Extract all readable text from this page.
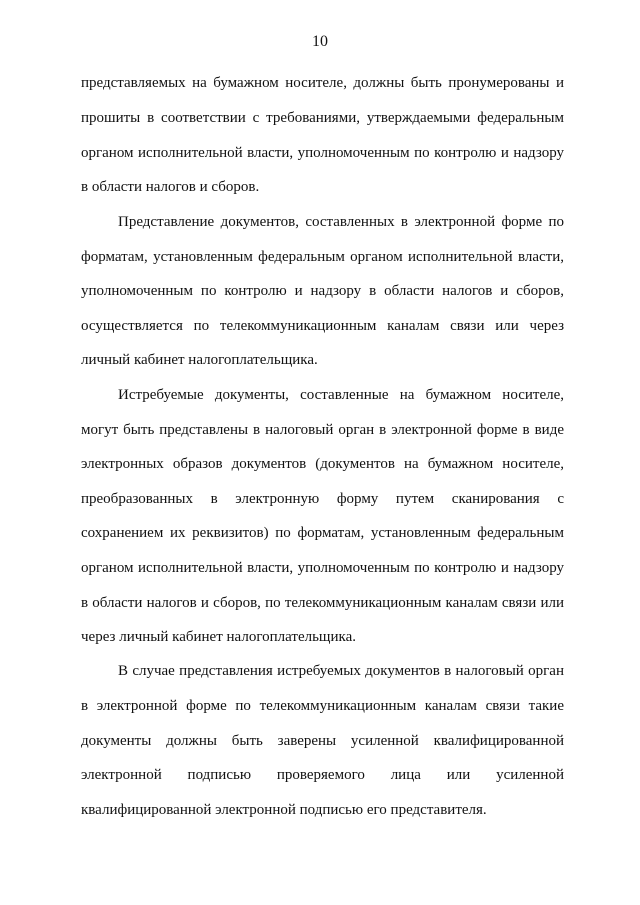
10
представляемых на бумажном носителе, должны быть пронумерованы и
прошиты в соответствии с требованиями, утверждаемыми федеральным
органом исполнительной власти, уполномоченным по контролю и надзору
в области налогов и сборов.
Представление документов, составленных в электронной форме по
форматам, установленным федеральным органом исполнительной власти,
уполномоченным по контролю и надзору в области налогов и сборов,
осуществляется по телекоммуникационным каналам связи или через
личный кабинет налогоплательщика.
Истребуемые документы, составленные на бумажном носителе,
могут быть представлены в налоговый орган в электронной форме в виде
электронных образов документов (документов на бумажном носителе,
преобразованных в электронную форму путем сканирования с
сохранением их реквизитов) по форматам, установленным федеральным
органом исполнительной власти, уполномоченным по контролю и надзору
в области налогов и сборов, по телекоммуникационным каналам связи или
через личный кабинет налогоплательщика.
В случае представления истребуемых документов в налоговый орган
в электронной форме по телекоммуникационным каналам связи такие
документы должны быть заверены усиленной квалифицированной
электронной подписью проверяемого лица или усиленной
квалифицированной электронной подписью его представителя.
